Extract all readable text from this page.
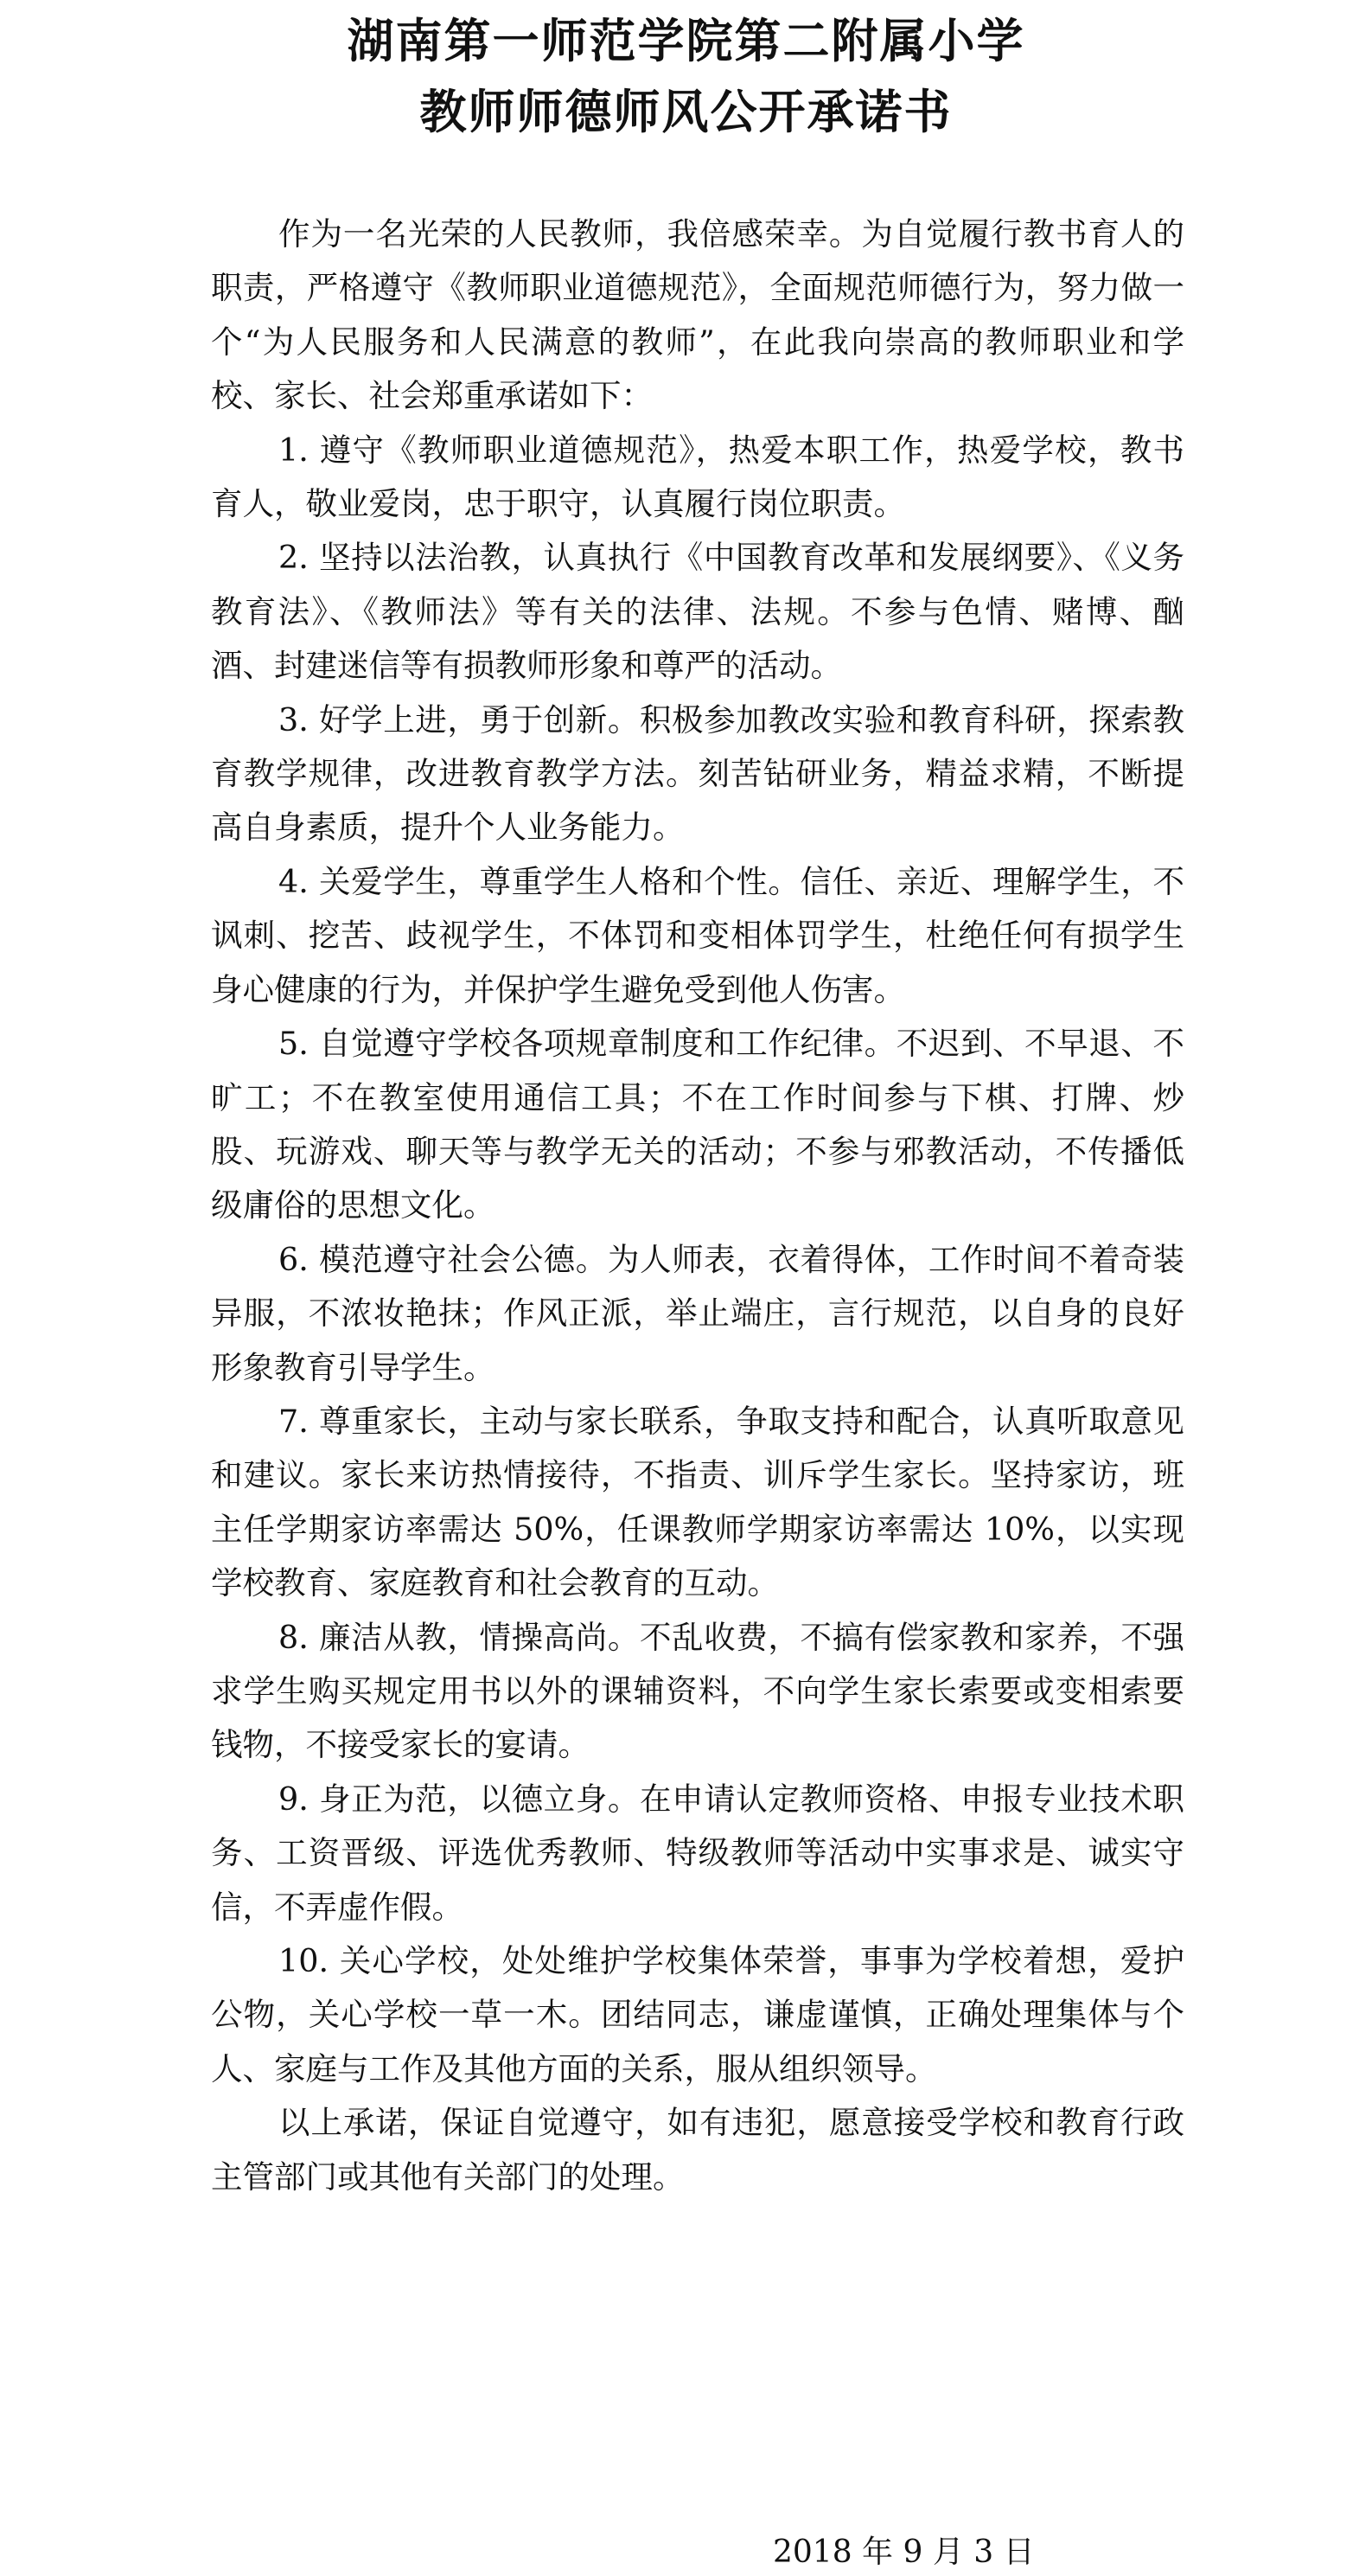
湖南第一师范学院第二附属小学
教师师德师风公开承诺书

作为一名光荣的人民教师，我倍感荣幸。为自觉履行教书育人的职责，严格遵守《教师职业道德规范》，全面规范师德行为，努力做一个“为人民服务和人民满意的教师”，在此我向崇高的教师职业和学校、家长、社会郑重承诺如下：

1. 遵守《教师职业道德规范》，热爱本职工作，热爱学校，教书育人，敬业爱岗，忠于职守，认真履行岗位职责。

2. 坚持以法治教，认真执行《中国教育改革和发展纲要》、《义务教育法》、《教师法》等有关的法律、法规。不参与色情、赌博、酗酒、封建迷信等有损教师形象和尊严的活动。

3. 好学上进，勇于创新。积极参加教改实验和教育科研，探索教育教学规律，改进教育教学方法。刻苦钻研业务，精益求精，不断提高自身素质，提升个人业务能力。

4. 关爱学生，尊重学生人格和个性。信任、亲近、理解学生，不讽刺、挖苦、歧视学生，不体罚和变相体罚学生，杜绝任何有损学生身心健康的行为，并保护学生避免受到他人伤害。

5. 自觉遵守学校各项规章制度和工作纪律。不迟到、不早退、不旷工；不在教室使用通信工具；不在工作时间参与下棋、打牌、炒股、玩游戏、聊天等与教学无关的活动；不参与邪教活动，不传播低级庸俗的思想文化。

6. 模范遵守社会公德。为人师表，衣着得体，工作时间不着奇装异服，不浓妆艳抹；作风正派，举止端庄，言行规范，以自身的良好形象教育引导学生。

7. 尊重家长，主动与家长联系，争取支持和配合，认真听取意见和建议。家长来访热情接待，不指责、训斥学生家长。坚持家访，班主任学期家访率需达 50%，任课教师学期家访率需达 10%，以实现学校教育、家庭教育和社会教育的互动。

8. 廉洁从教，情操高尚。不乱收费，不搞有偿家教和家养，不强求学生购买规定用书以外的课辅资料，不向学生家长索要或变相索要钱物，不接受家长的宴请。

9. 身正为范，以德立身。在申请认定教师资格、申报专业技术职务、工资晋级、评选优秀教师、特级教师等活动中实事求是、诚实守信，不弄虚作假。

10. 关心学校，处处维护学校集体荣誉，事事为学校着想，爱护公物，关心学校一草一木。团结同志，谦虚谨慎，正确处理集体与个人、家庭与工作及其他方面的关系，服从组织领导。

以上承诺，保证自觉遵守，如有违犯，愿意接受学校和教育行政主管部门或其他有关部门的处理。

2018 年 9 月 3 日
